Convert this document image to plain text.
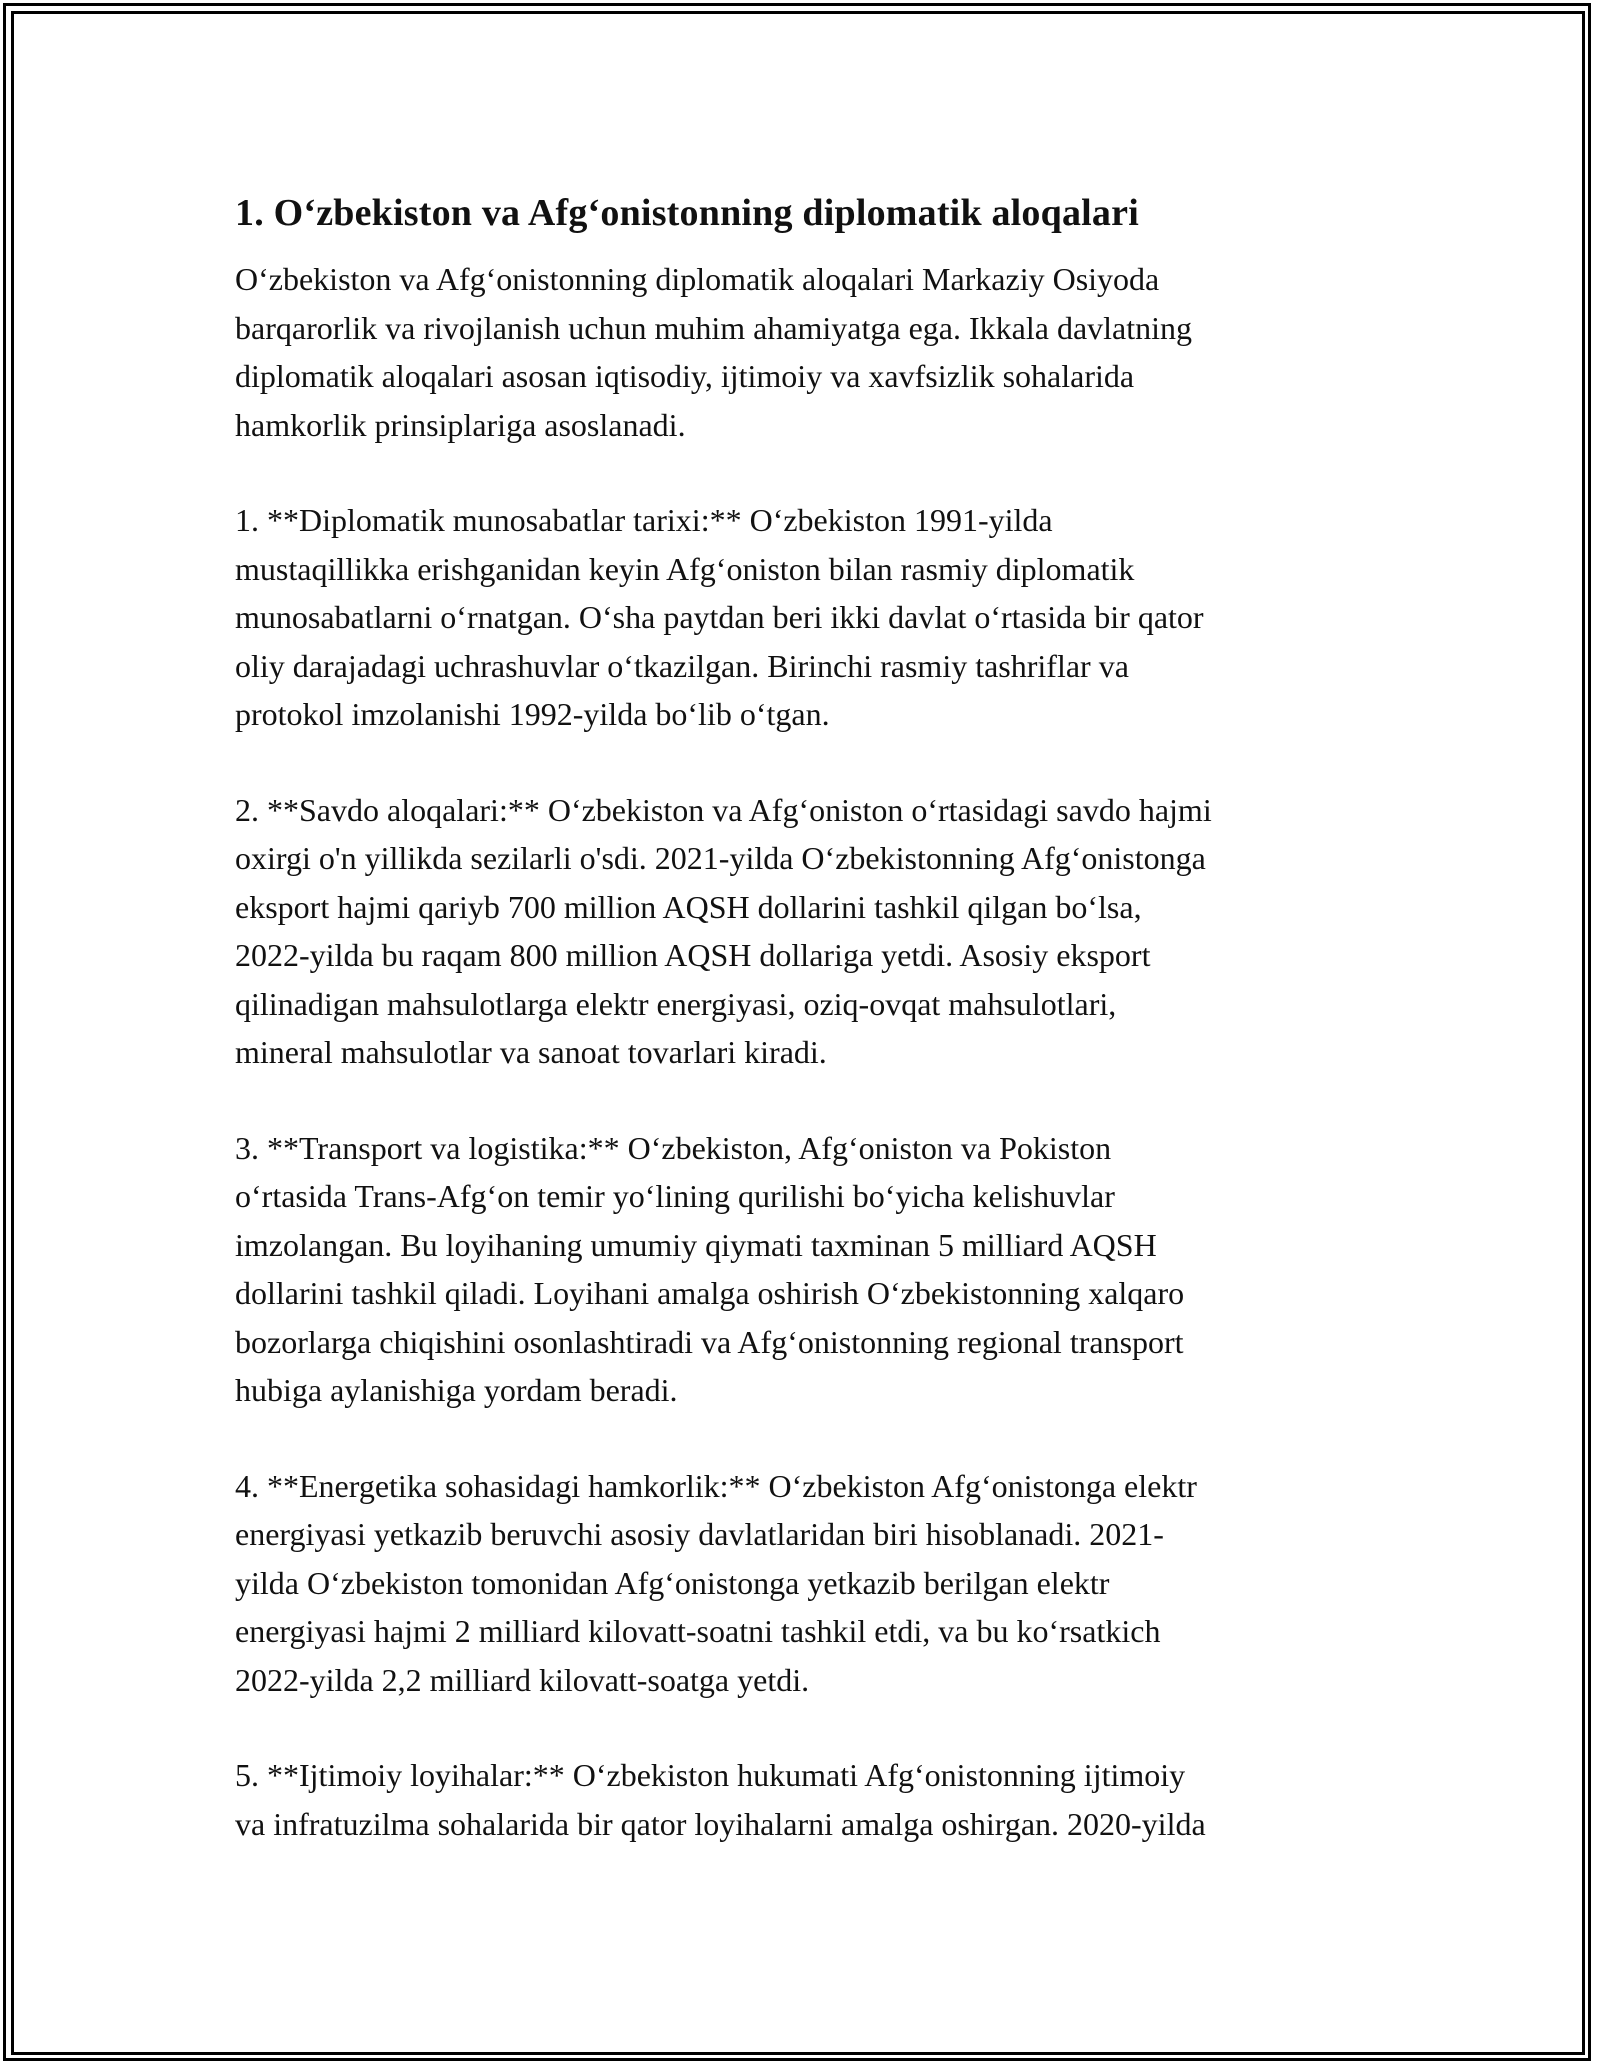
1. O‘zbekiston va Afg‘onistonning diplomatik aloqalari

O‘zbekiston va Afg‘onistonning diplomatik aloqalari Markaziy Osiyoda
barqarorlik va rivojlanish uchun muhim ahamiyatga ega. Ikkala davlatning
diplomatik aloqalari asosan iqtisodiy, ijtimoiy va xavfsizlik sohalarida
hamkorlik prinsiplariga asoslanadi.

1. **Diplomatik munosabatlar tarixi:** O‘zbekiston 1991-yilda
mustaqillikka erishganidan keyin Afg‘oniston bilan rasmiy diplomatik
munosabatlarni o‘rnatgan. O‘sha paytdan beri ikki davlat o‘rtasida bir qator
oliy darajadagi uchrashuvlar o‘tkazilgan. Birinchi rasmiy tashriflar va
protokol imzolanishi 1992-yilda bo‘lib o‘tgan.

2. **Savdo aloqalari:** O‘zbekiston va Afg‘oniston o‘rtasidagi savdo hajmi
oxirgi o'n yillikda sezilarli o'sdi. 2021-yilda O‘zbekistonning Afg‘onistonga
eksport hajmi qariyb 700 million AQSH dollarini tashkil qilgan bo‘lsa,
2022-yilda bu raqam 800 million AQSH dollariga yetdi. Asosiy eksport
qilinadigan mahsulotlarga elektr energiyasi, oziq-ovqat mahsulotlari,
mineral mahsulotlar va sanoat tovarlari kiradi.

3. **Transport va logistika:** O‘zbekiston, Afg‘oniston va Pokiston
o‘rtasida Trans-Afg‘on temir yo‘lining qurilishi bo‘yicha kelishuvlar
imzolangan. Bu loyihaning umumiy qiymati taxminan 5 milliard AQSH
dollarini tashkil qiladi. Loyihani amalga oshirish O‘zbekistonning xalqaro
bozorlarga chiqishini osonlashtiradi va Afg‘onistonning regional transport
hubiga aylanishiga yordam beradi.

4. **Energetika sohasidagi hamkorlik:** O‘zbekiston Afg‘onistonga elektr
energiyasi yetkazib beruvchi asosiy davlatlaridan biri hisoblanadi. 2021-
yilda O‘zbekiston tomonidan Afg‘onistonga yetkazib berilgan elektr
energiyasi hajmi 2 milliard kilovatt-soatni tashkil etdi, va bu ko‘rsatkich
2022-yilda 2,2 milliard kilovatt-soatga yetdi.

5. **Ijtimoiy loyihalar:** O‘zbekiston hukumati Afg‘onistonning ijtimoiy
va infratuzilma sohalarida bir qator loyihalarni amalga oshirgan. 2020-yilda
